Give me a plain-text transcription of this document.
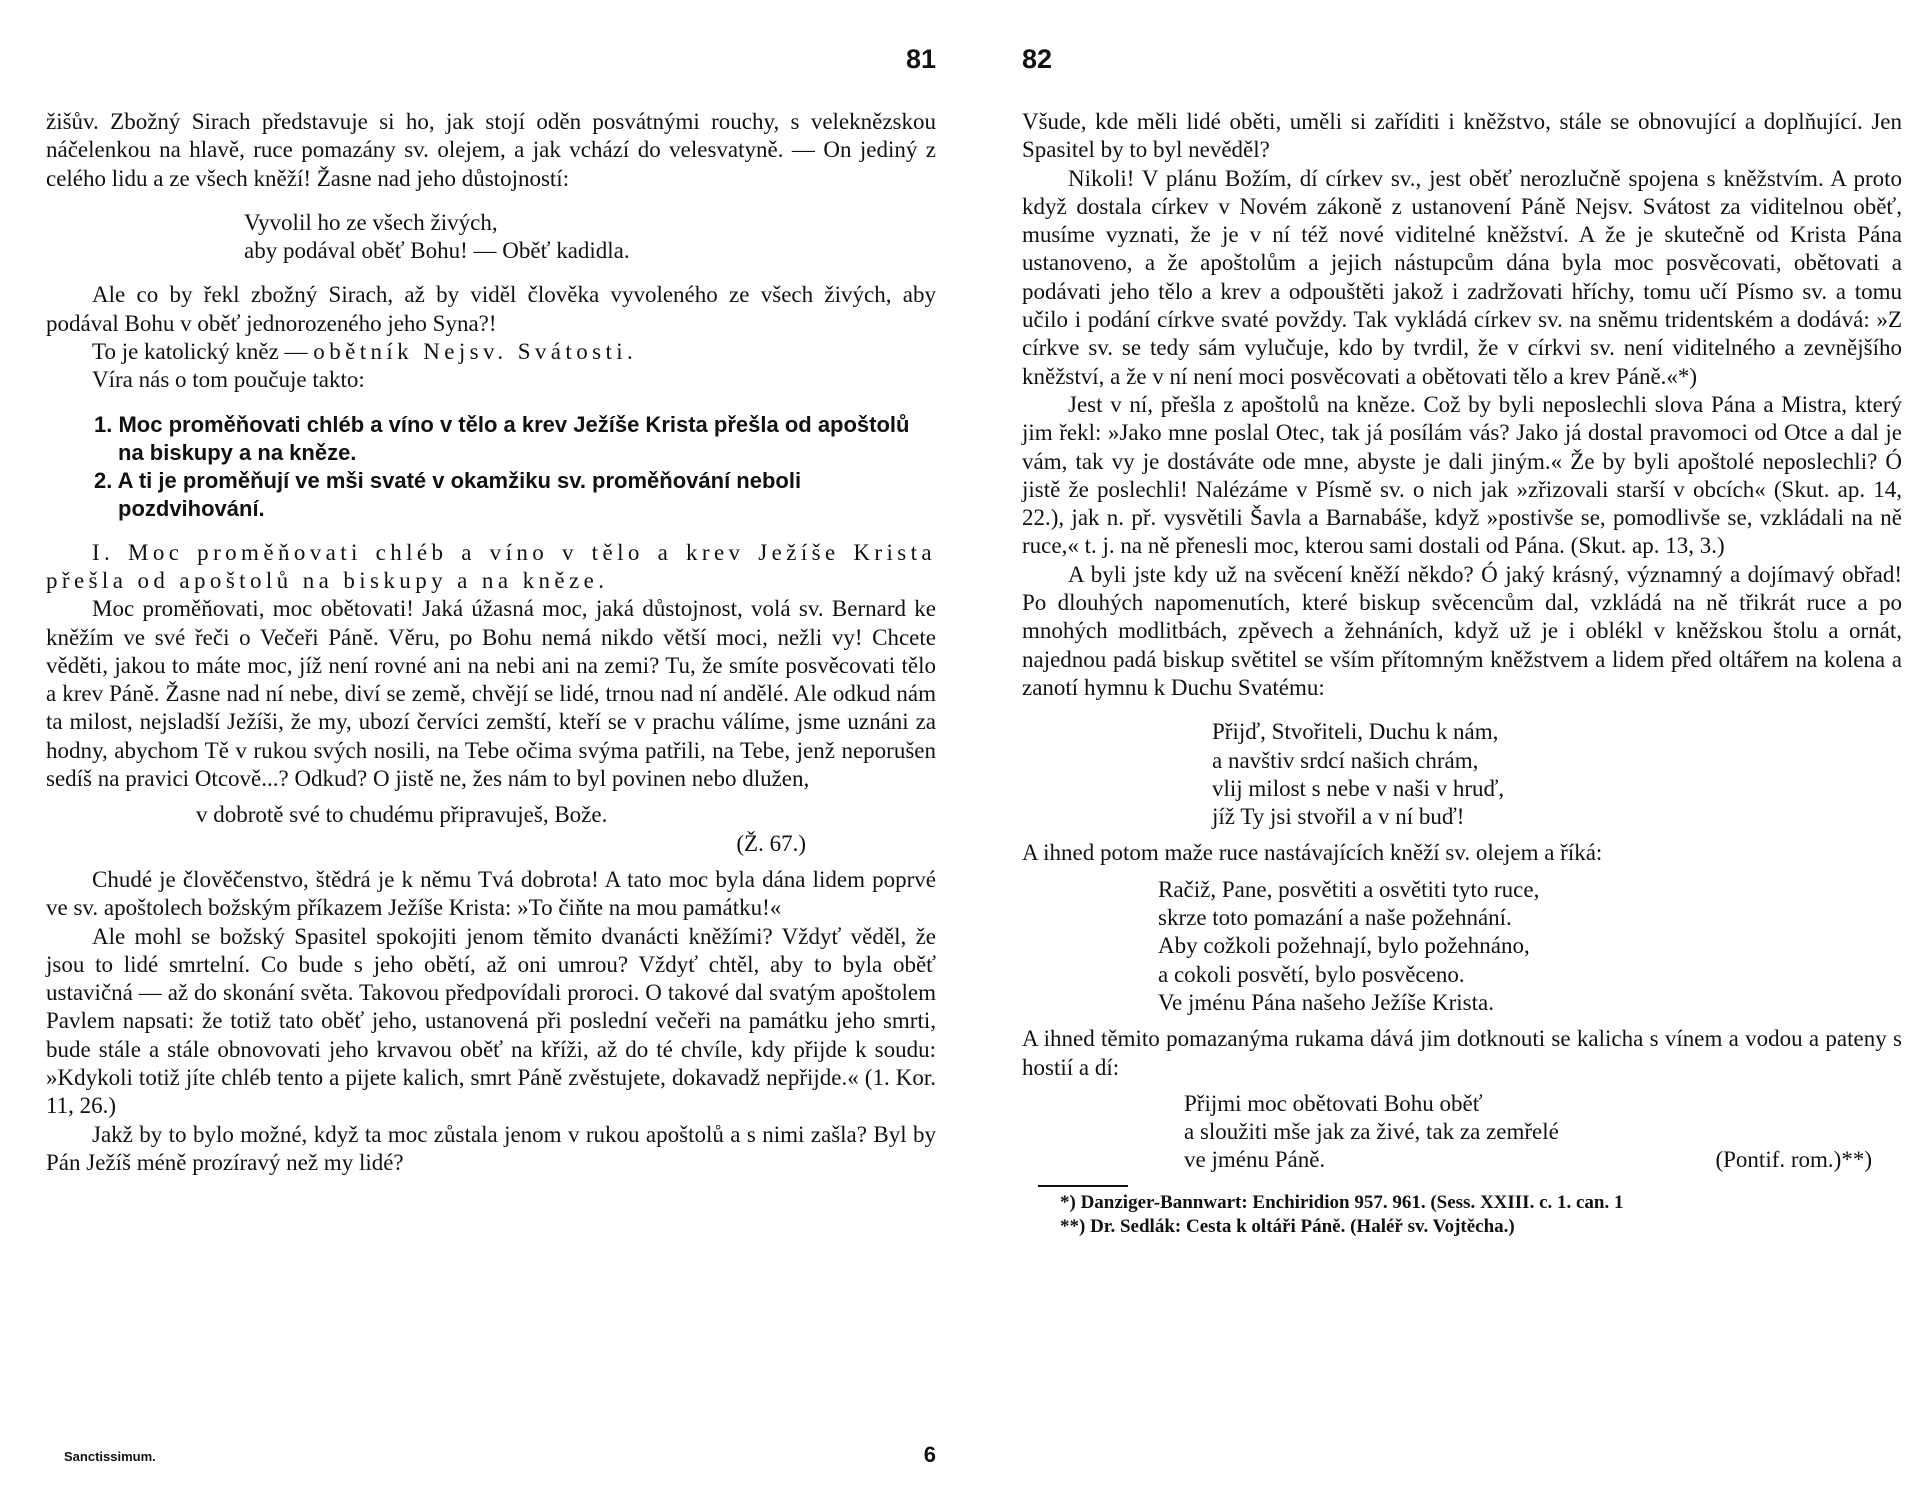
81

žišův. Zbožný Sirach představuje si ho, jak stojí oděn posvátnými rouchy, s veleknězskou náčelenkou na hlavě, ruce pomazány sv. olejem, a jak vchází do velesvatyně. — On jediný z celého lidu a ze všech kněží! Žasne nad jeho důstojností:

Vyvolil ho ze všech živých,
aby podával oběť Bohu! — Oběť kadidla.

Ale co by řekl zbožný Sirach, až by viděl člověka vyvoleného ze všech živých, aby podával Bohu v oběť jednorozeného jeho Syna?!

To je katolický kněz — obětník Nejsv. Svátosti.

Víra nás o tom poučuje takto:

1. Moc proměňovati chléb a víno v tělo a krev Ježíše Krista přešla od apoštolů na biskupy a na kněze.
2. A ti je proměňují ve mši svaté v okamžiku sv. proměňování neboli pozdvihování.

I. Moc proměňovati chléb a víno v tělo a krev Ježíše Krista přešla od apoštolů na biskupy a na kněze.

Moc proměňovati, moc obětovati! Jaká úžasná moc, jaká důstojnost, volá sv. Bernard ke kněžím ve své řeči o Večeři Páně. Věru, po Bohu nemá nikdo větší moci, nežli vy! Chcete věděti, jakou to máte moc, jíž není rovné ani na nebi ani na zemi? Tu, že smíte posvěcovati tělo a krev Páně. Žasne nad ní nebe, diví se země, chvějí se lidé, trnou nad ní andělé. Ale odkud nám ta milost, nejsladší Ježíši, že my, ubozí červíci zemští, kteří se v prachu válíme, jsme uznáni za hodny, abychom Tě v rukou svých nosili, na Tebe očima svýma patřili, na Tebe, jenž neporušen sedíš na pravici Otcově...? Odkud? O jistě ne, žes nám to byl povinen nebo dlužen,

v dobrotě své to chudému připravuješ, Bože.
(Ž. 67.)

Chudé je člověčenstvo, štědrá je k němu Tvá dobrota! A tato moc byla dána lidem poprvé ve sv. apoštolech božským příkazem Ježíše Krista: »To čiňte na mou památku!«

Ale mohl se božský Spasitel spokojiti jenom těmito dvanácti kněžími? Vždyť věděl, že jsou to lidé smrtelní. Co bude s jeho obětí, až oni umrou? Vždyť chtěl, aby to byla oběť ustavičná — až do skonání světa. Takovou předpovídali proroci. O takové dal svatým apoštolem Pavlem napsati: že totiž tato oběť jeho, ustanovená při poslední večeři na památku jeho smrti, bude stále a stále obnovovati jeho krvavou oběť na kříži, až do té chvíle, kdy přijde k soudu: »Kdykoli totiž jíte chléb tento a pijete kalich, smrt Páně zvěstujete, dokavadž nepřijde.« (1. Kor. 11, 26.)

Jakž by to bylo možné, když ta moc zůstala jenom v rukou apoštolů a s nimi zašla? Byl by Pán Ježíš méně prozíravý než my lidé?

Sanctissimum.	6
82

Všude, kde měli lidé oběti, uměli si zaříditi i kněžstvo, stále se obnovující a doplňující. Jen Spasitel by to byl nevěděl?

Nikoli! V plánu Božím, dí církev sv., jest oběť nerozlučně spojena s kněžstvím. A proto když dostala církev v Novém zákoně z ustanovení Páně Nejsv. Svátost za viditelnou oběť, musíme vyznati, že je v ní též nové viditelné kněžství. A že je skutečně od Krista Pána ustanoveno, a že apoštolům a jejich nástupcům dána byla moc posvěcovati, obětovati a podávati jeho tělo a krev a odpouštěti jakož i zadržovati hříchy, tomu učí Písmo sv. a tomu učilo i podání církve svaté povždy. Tak vykládá církev sv. na sněmu tridentském a dodává: »Z církve sv. se tedy sám vylučuje, kdo by tvrdil, že v církvi sv. není viditelného a zevnějšího kněžství, a že v ní není moci posvěcovati a obětovati tělo a krev Páně.«*)

Jest v ní, přešla z apoštolů na kněze. Což by byli neposlechli slova Pána a Mistra, který jim řekl: »Jako mne poslal Otec, tak já posílám vás? Jako já dostal pravomoci od Otce a dal je vám, tak vy je dostáváte ode mne, abyste je dali jiným.« Že by byli apoštolé neposlechli? Ó jistě že poslechli! Nalézáme v Písmě sv. o nich jak »zřizovali starší v obcích« (Skut. ap. 14, 22.), jak n. př. vysvětili Šavla a Barnabáše, když »postivše se, pomodlivše se, vzkládali na ně ruce,« t. j. na ně přenesli moc, kterou sami dostali od Pána. (Skut. ap. 13, 3.)

A byli jste kdy už na svěcení kněží někdo? Ó jaký krásný, významný a dojímavý obřad! Po dlouhých napomenutích, které biskup svěcencům dal, vzkládá na ně třikrát ruce a po mnohých modlitbách, zpěvech a žehnáních, když už je i oblékl v kněžskou štolu a ornát, najednou padá biskup světitel se vším přítomným kněžstvem a lidem před oltářem na kolena a zanotí hymnu k Duchu Svatému:

Přijď, Stvořiteli, Duchu k nám,
a navštiv srdcí našich chrám,
vlij milost s nebe v naši v hruď,
jíž Ty jsi stvořil a v ní buď!

A ihned potom maže ruce nastávajících kněží sv. olejem a říká:

Račiž, Pane, posvětiti a osvětiti tyto ruce,
skrze toto pomazání a naše požehnání.
Aby cožkoli požehnají, bylo požehnáno,
a cokoli posvětí, bylo posvěceno.
Ve jménu Pána našeho Ježíše Krista.

A ihned těmito pomazanýma rukama dává jim dotknouti se kalicha s vínem a vodou a pateny s hostií a dí:

Přijmi moc obětovati Bohu oběť
a sloužiti mše jak za živé, tak za zemřelé
ve jménu Páně.	(Pontif. rom.)**)
*) Danziger-Bannwart: Enchiridion 957. 961. (Sess. XXIII. c. 1. can. 1
**) Dr. Sedlák: Cesta k oltáři Páně. (Haléř sv. Vojtěcha.)
